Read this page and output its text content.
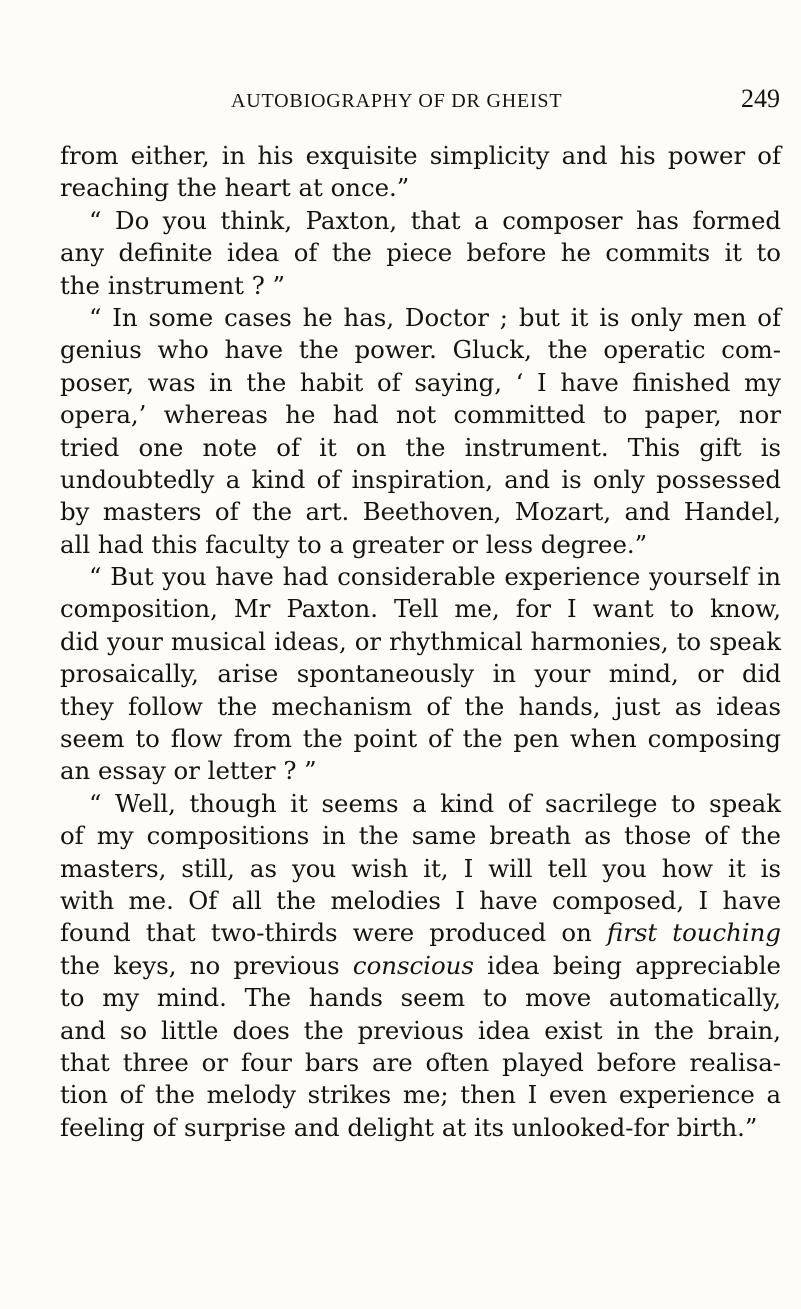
AUTOBIOGRAPHY OF DR GHEIST	249
from either, in his exquisite simplicity and his power of
reaching the heart at once.”
“ Do you think, Paxton, that a composer has formed
any definite idea of the piece before he commits it to
the instrument ? ”
“ In some cases he has, Doctor ; but it is only men of
genius who have the power. Gluck, the operatic com-
poser, was in the habit of saying, ‘ I have finished my
opera,’ whereas he had not committed to paper, nor
tried one note of it on the instrument. This gift is
undoubtedly a kind of inspiration, and is only possessed
by masters of the art. Beethoven, Mozart, and Handel,
all had this faculty to a greater or less degree.”
“ But you have had considerable experience yourself in
composition, Mr Paxton. Tell me, for I want to know,
did your musical ideas, or rhythmical harmonies, to speak
prosaically, arise spontaneously in your mind, or did
they follow the mechanism of the hands, just as ideas
seem to flow from the point of the pen when composing
an essay or letter ? ”
“ Well, though it seems a kind of sacrilege to speak
of my compositions in the same breath as those of the
masters, still, as you wish it, I will tell you how it is
with me. Of all the melodies I have composed, I have
found that two-thirds were produced on first touching
the keys, no previous conscious idea being appreciable
to my mind. The hands seem to move automatically,
and so little does the previous idea exist in the brain,
that three or four bars are often played before realisa-
tion of the melody strikes me; then I even experience a
feeling of surprise and delight at its unlooked-for birth.”
